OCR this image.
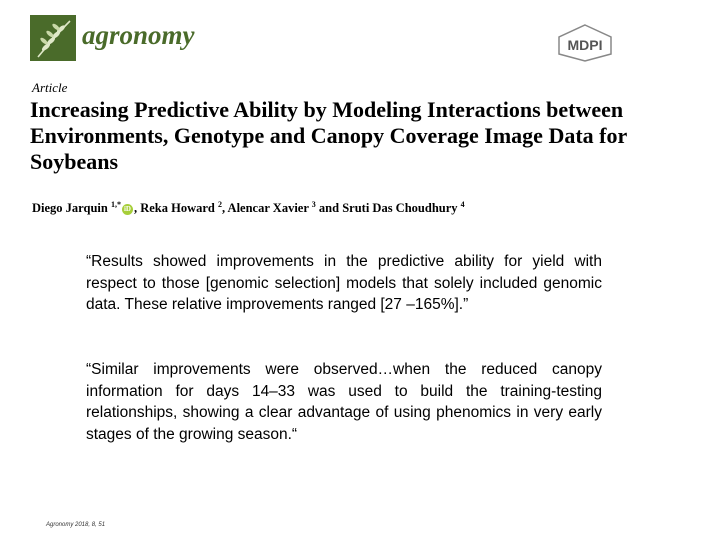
agronomy	MDPI
Article
Increasing Predictive Ability by Modeling Interactions between Environments, Genotype and Canopy Coverage Image Data for Soybeans
Diego Jarquin $^{1,*}$iD , Reka Howard $^2$, Alencar Xavier $^3$ and Sruti Das Choudhury $^4$
“Results showed improvements in the predictive ability for yield with respect to those [genomic selection] models that solely included genomic data. These relative improvements ranged [27 –165%].”
“Similar improvements were observed…when the reduced canopy information for days 14–33 was used to build the training-testing relationships, showing a clear advantage of using phenomics in very early stages of the growing season.“
Agronomy 2018, 8, 51
